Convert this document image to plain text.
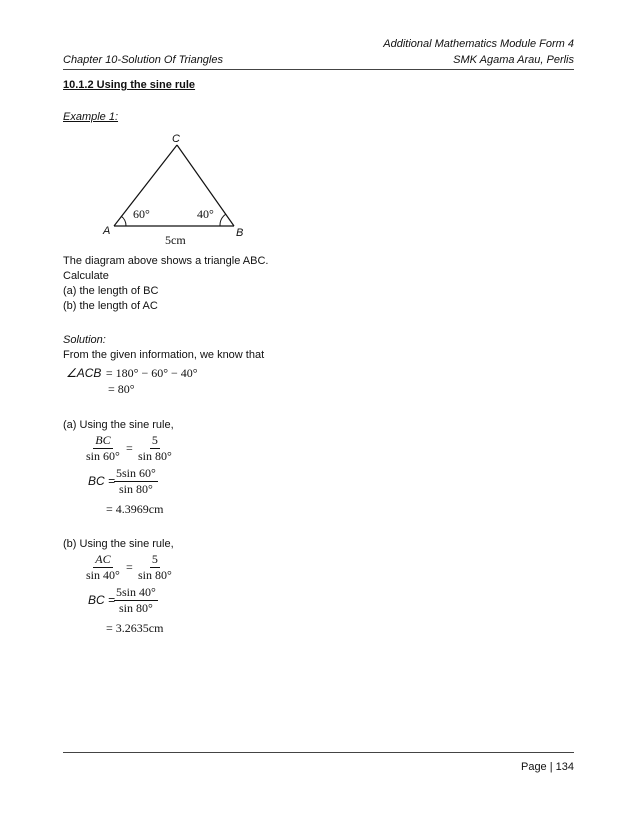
Additional Mathematics Module Form 4
Chapter 10-Solution Of Triangles	SMK Agama Arau, Perlis
10.1.2 Using the sine rule
Example 1:
C
A	B
60°	40°
5cm
The diagram above shows a triangle ABC.
Calculate
(a) the length of BC
(b) the length of AC
Solution:
From the given information, we know that
∠ACB = 180° − 60° − 40°
= 80°
(a) Using the sine rule,
$\frac{BC}{\sin 60^\circ} = \frac{5}{\sin 80^\circ}$
BC =
$\frac{5\sin 60^\circ}{\sin 80^\circ}$
= 4.3969cm
(b) Using the sine rule,
$\frac{AC}{\sin 40^\circ} = \frac{5}{\sin 80^\circ}$
BC =
$\frac{5\sin 40^\circ}{\sin 80^\circ}$
= 3.2635cm
Page | 134
